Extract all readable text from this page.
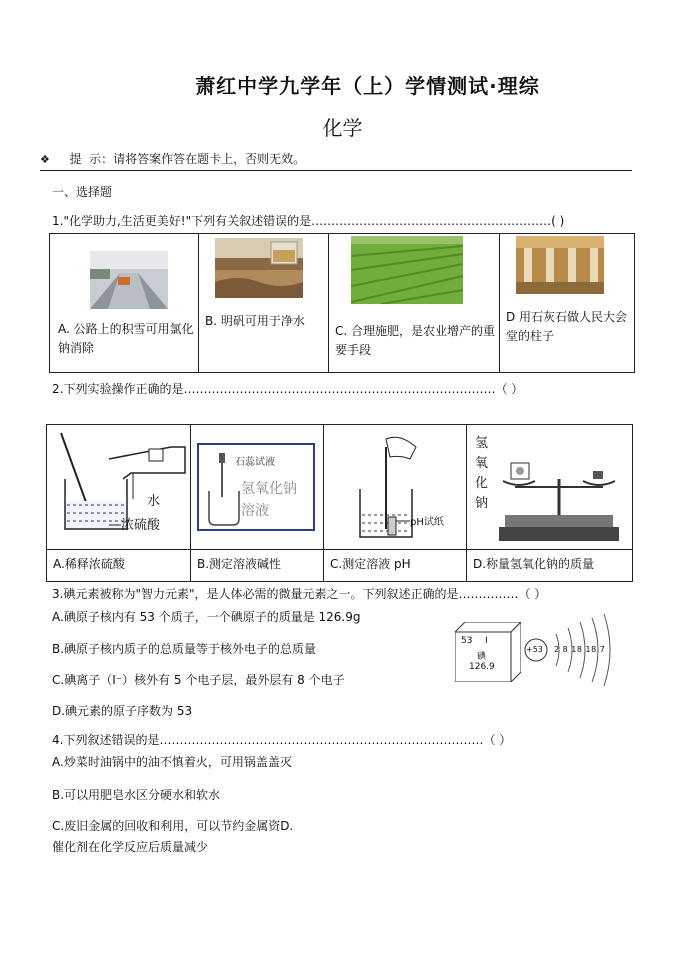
萧红中学九学年（上）学情测试·理综
化学
❖ 提  示：请将答案作答在题卡上，否则无效。
一、选择题
1."化学助力,生活更美好!"下列有关叙述错误的是……………………………………………………( )
A. 公路上的积雪可用氯化钠消除

B. 明矾可用于净水

C. 合理施肥，是农业增产的重要手段

D 用石灰石做人民大会堂的柱子
2.下列实验操作正确的是……………………………………………………………………（ ）
水
浓硫酸	石蕊试液
氢氧化钠
溶液	pH试纸	氢
氧
化
钠

A.稀释浓硫酸	B.测定溶液碱性	C.测定溶液 pH	D.称量氢氧化钠的质量
3.碘元素被称为"智力元素"，是人体必需的微量元素之一。下列叙述正确的是……………（ ）
A.碘原子核内有 53 个质子，一个碘原子的质量是 126.9g
B.碘原子核内质子的总质量等于核外电子的总质量
C.碘离子（I⁻）核外有 5 个电子层，最外层有 8 个电子
D.碘元素的原子序数为 53
53 I
碘
126.9
+53 2 8 18 18 7
4.下列叙述错误的是………………………………………………………………………（ ）
A.炒菜时油锅中的油不慎着火，可用锅盖盖灭
B.可以用肥皂水区分硬水和软水
C.废旧金属的回收和利用，可以节约金属资D.
催化剂在化学反应后质量减少
